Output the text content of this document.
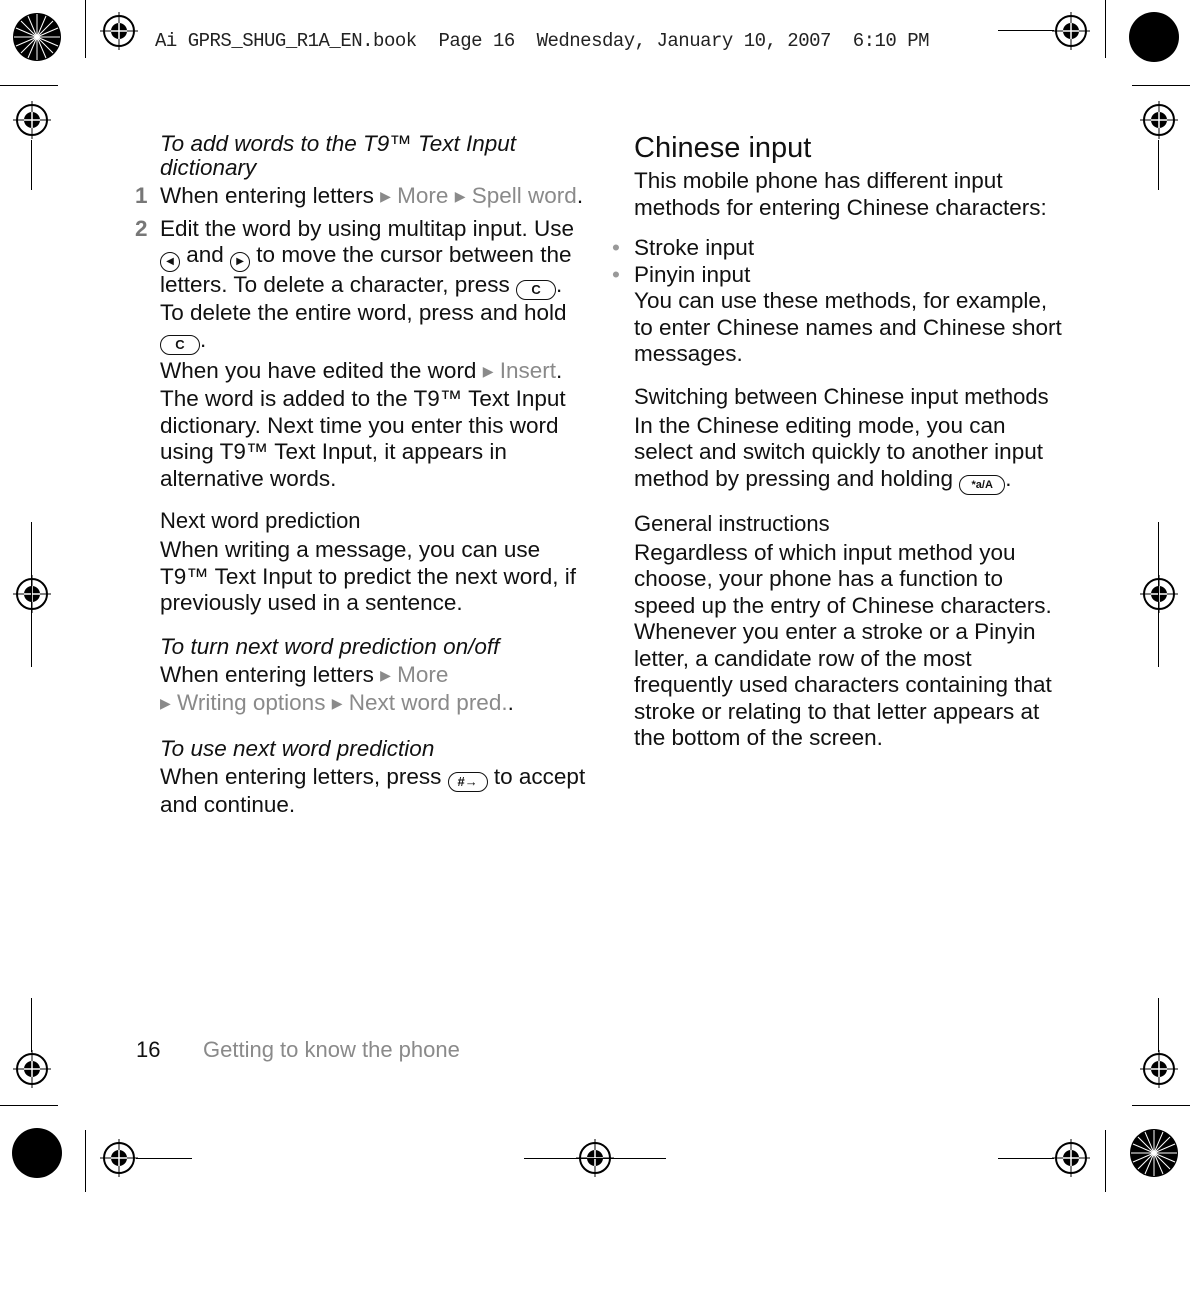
Ai GPRS_SHUG_R1A_EN.book  Page 16  Wednesday, January 10, 2007  6:10 PM

To add words to the T9™ Text Input dictionary

1 When entering letters ▶ More ▶ Spell word.
2 Edit the word by using multitap input. Use ◀ and ▶ to move the cursor between the letters. To delete a character, press C . To delete the entire word, press and hold C .

When you have edited the word ▶ Insert. The word is added to the T9™ Text Input dictionary. Next time you enter this word using T9™ Text Input, it appears in alternative words.

Next word prediction

When writing a message, you can use T9™ Text Input to predict the next word, if previously used in a sentence.

To turn next word prediction on/off

When entering letters ▶ More
▶ Writing options ▶ Next word pred..

To use next word prediction

When entering letters, press #→ to accept and continue.

Chinese input

This mobile phone has different input methods for entering Chinese characters:

• Stroke input
• Pinyin input

You can use these methods, for example, to enter Chinese names and Chinese short messages.

Switching between Chinese input methods

In the Chinese editing mode, you can select and switch quickly to another input method by pressing and holding *a/A .

General instructions

Regardless of which input method you choose, your phone has a function to speed up the entry of Chinese characters. Whenever you enter a stroke or a Pinyin letter, a candidate row of the most frequently used characters containing that stroke or relating to that letter appears at the bottom of the screen.

16 Getting to know the phone
